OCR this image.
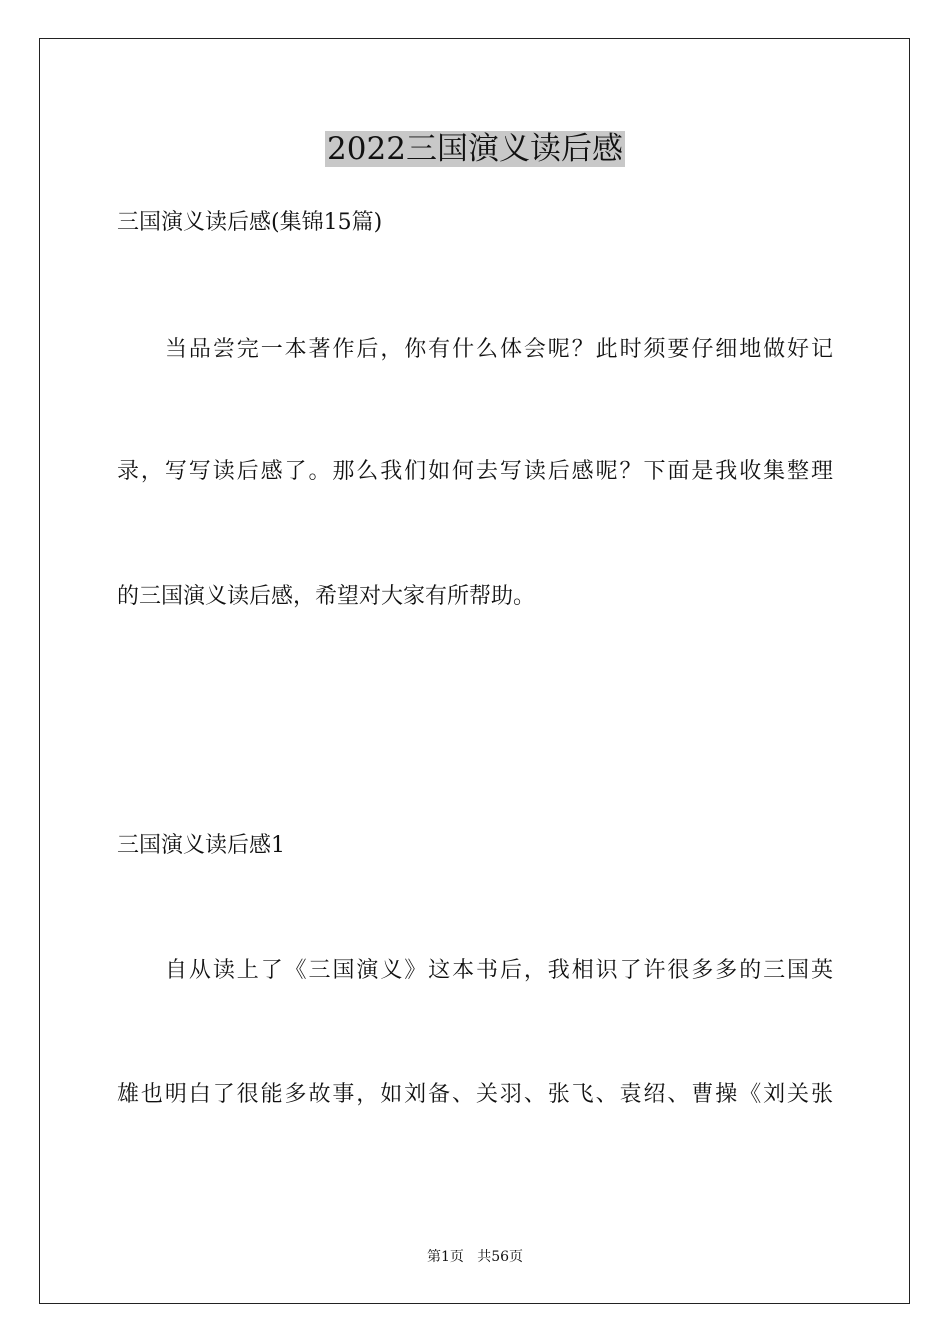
2022三国演义读后感
三国演义读后感(集锦15篇)
当品尝完一本著作后，你有什么体会呢？此时须要仔细地做好记
录，写写读后感了。那么我们如何去写读后感呢？下面是我收集整理
的三国演义读后感，希望对大家有所帮助。
三国演义读后感1
自从读上了《三国演义》这本书后，我相识了许很多多的三国英
雄也明白了很能多故事，如刘备、关羽、张飞、袁绍、曹操《刘关张
第1页   共56页
